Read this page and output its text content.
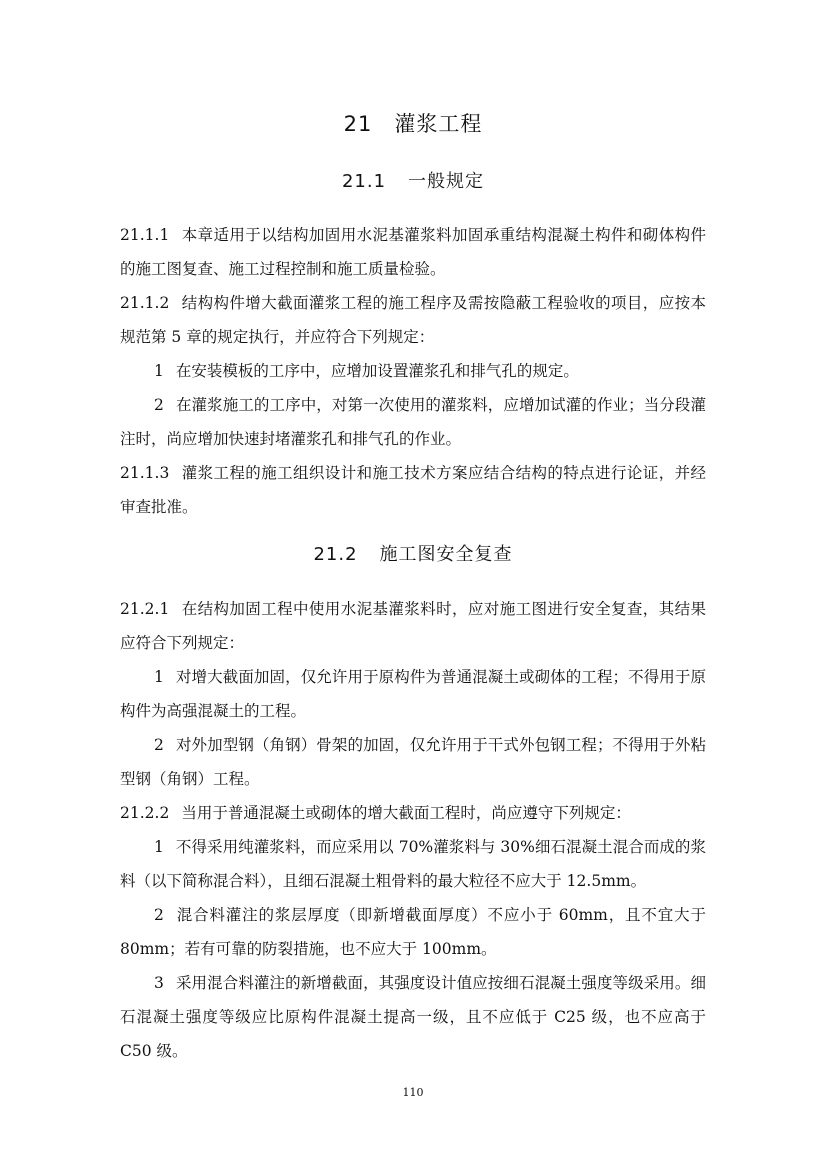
21 灌浆工程
21.1 一般规定

21.1.1 本章适用于以结构加固用水泥基灌浆料加固承重结构混凝土构件和砌体构件的施工图复查、施工过程控制和施工质量检验。

21.1.2 结构构件增大截面灌浆工程的施工程序及需按隐蔽工程验收的项目，应按本规范第 5 章的规定执行，并应符合下列规定：

1 在安装模板的工序中，应增加设置灌浆孔和排气孔的规定。

2 在灌浆施工的工序中，对第一次使用的灌浆料，应增加试灌的作业；当分段灌注时，尚应增加快速封堵灌浆孔和排气孔的作业。

21.1.3 灌浆工程的施工组织设计和施工技术方案应结合结构的特点进行论证，并经审查批准。

21.2 施工图安全复查

21.2.1 在结构加固工程中使用水泥基灌浆料时，应对施工图进行安全复查，其结果应符合下列规定：

1 对增大截面加固，仅允许用于原构件为普通混凝土或砌体的工程；不得用于原构件为高强混凝土的工程。

2 对外加型钢（角钢）骨架的加固，仅允许用于干式外包钢工程；不得用于外粘型钢（角钢）工程。

21.2.2 当用于普通混凝土或砌体的增大截面工程时，尚应遵守下列规定：

1 不得采用纯灌浆料，而应采用以 70%灌浆料与 30%细石混凝土混合而成的浆料（以下简称混合料），且细石混凝土粗骨料的最大粒径不应大于 12.5mm。

2 混合料灌注的浆层厚度（即新增截面厚度）不应小于 60mm，且不宜大于 80mm；若有可靠的防裂措施，也不应大于 100mm。

3 采用混合料灌注的新增截面，其强度设计值应按细石混凝土强度等级采用。细石混凝土强度等级应比原构件混凝土提高一级，且不应低于 C25 级，也不应高于 C50 级。

110
